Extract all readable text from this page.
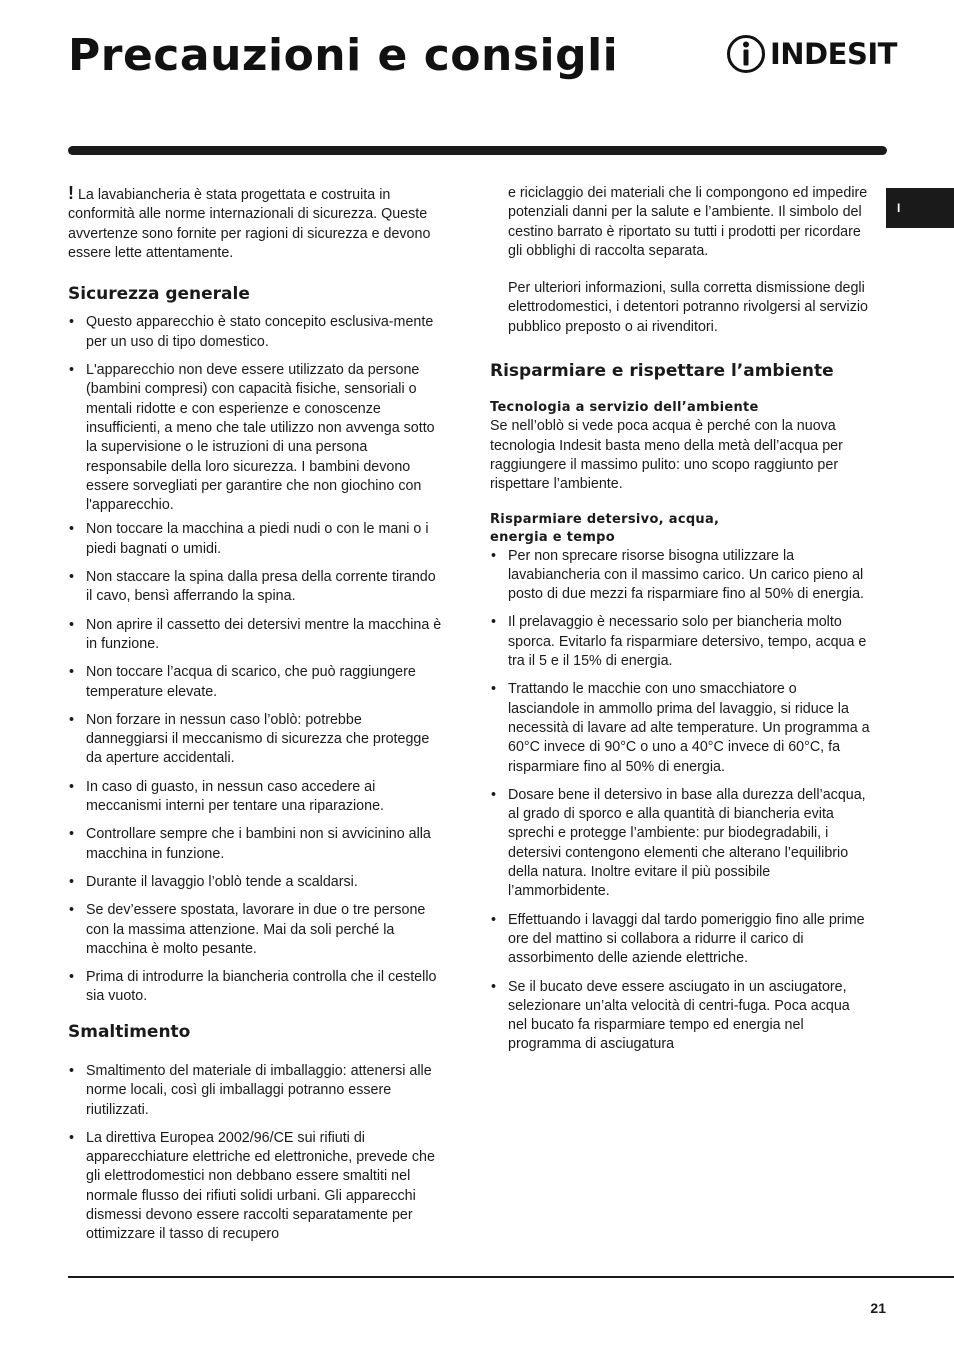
Precauzioni e consigli	INDESIT
I

! La lavabiancheria è stata progettata e costruita in conformità alle norme internazionali di sicurezza. Queste avvertenze sono fornite per ragioni di sicurezza e devono essere lette attentamente.

Sicurezza generale
• Questo apparecchio è stato concepito esclusiva-mente per un uso di tipo domestico.
• L'apparecchio non deve essere utilizzato da persone (bambini compresi) con capacità fisiche, sensoriali o mentali ridotte e con esperienze e conoscenze insufficienti, a meno che tale utilizzo non avvenga sotto la supervisione o le istruzioni di una persona responsabile della loro sicurezza. I bambini devono essere sorvegliati per garantire che non giochino con l'apparecchio.
• Non toccare la macchina a piedi nudi o con le mani o i piedi bagnati o umidi.
• Non staccare la spina dalla presa della corrente tirando il cavo, bensì afferrando la spina.
• Non aprire il cassetto dei detersivi mentre la macchina è in funzione.
• Non toccare l’acqua di scarico, che può raggiungere temperature elevate.
• Non forzare in nessun caso l’oblò: potrebbe danneggiarsi il meccanismo di sicurezza che protegge da aperture accidentali.
• In caso di guasto, in nessun caso accedere ai meccanismi interni per tentare una riparazione.
• Controllare sempre che i bambini non si avvicinino alla macchina in funzione.
• Durante il lavaggio l’oblò tende a scaldarsi.
• Se dev’essere spostata, lavorare in due o tre persone con la massima attenzione. Mai da soli perché la macchina è molto pesante.
• Prima di introdurre la biancheria controlla che il cestello sia vuoto.
Smaltimento
• Smaltimento del materiale di imballaggio: attenersi alle norme locali, così gli imballaggi potranno essere riutilizzati.
• La direttiva Europea 2002/96/CE sui rifiuti di apparecchiature elettriche ed elettroniche, prevede che gli elettrodomestici non debbano essere smaltiti nel normale flusso dei rifiuti solidi urbani. Gli apparecchi dismessi devono essere raccolti separatamente per ottimizzare il tasso di recupero

e riciclaggio dei materiali che li compongono ed impedire potenziali danni per la salute e l’ambiente. Il simbolo del cestino barrato è riportato su tutti i prodotti per ricordare gli obblighi di raccolta separata.

Per ulteriori informazioni, sulla corretta dismissione degli elettrodomestici, i detentori potranno rivolgersi al servizio pubblico preposto o ai rivenditori.

Risparmiare e rispettare l’ambiente
Tecnologia a servizio dell’ambiente

Se nell’oblò si vede poca acqua è perché con la nuova tecnologia Indesit basta meno della metà dell’acqua per raggiungere il massimo pulito: uno scopo raggiunto per rispettare l’ambiente.

Risparmiare detersivo, acqua,
energia e tempo
• Per non sprecare risorse bisogna utilizzare la lavabiancheria con il massimo carico. Un carico pieno al posto di due mezzi fa risparmiare fino al 50% di energia.
• Il prelavaggio è necessario solo per biancheria molto sporca. Evitarlo fa risparmiare detersivo, tempo, acqua e tra il 5 e il 15% di energia.
• Trattando le macchie con uno smacchiatore o lasciandole in ammollo prima del lavaggio, si riduce la necessità di lavare ad alte temperature. Un programma a 60°C invece di 90°C o uno a 40°C invece di 60°C, fa risparmiare fino al 50% di energia.
• Dosare bene il detersivo in base alla durezza dell’acqua, al grado di sporco e alla quantità di biancheria evita sprechi e protegge l’ambiente: pur biodegradabili, i detersivi contengono elementi che alterano l’equilibrio della natura. Inoltre evitare il più possibile l’ammorbidente.
• Effettuando i lavaggi dal tardo pomeriggio fino alle prime ore del mattino si collabora a ridurre il carico di assorbimento delle aziende elettriche.
• Se il bucato deve essere asciugato in un asciugatore, selezionare un’alta velocità di centri-fuga. Poca acqua nel bucato fa risparmiare tempo ed energia nel programma di asciugatura
21
